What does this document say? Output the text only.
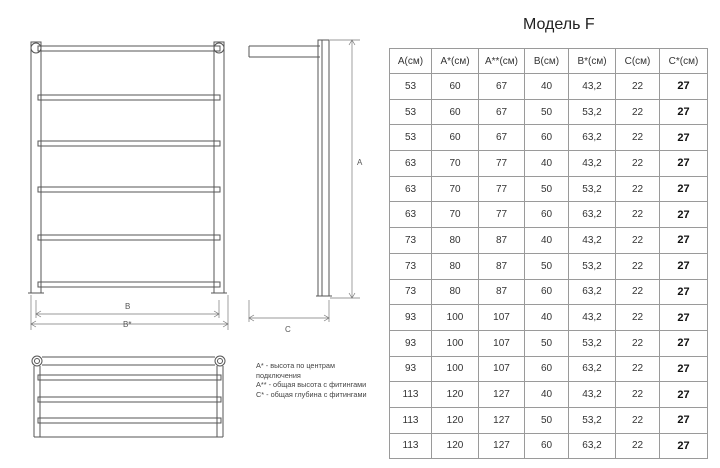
A
B
B*
C
A* - высота по центрам подключения
A** - общая высота с фитингами
C* - общая глубина с фитингами
Модель F
A(см)	A*(см)	A**(см)	B(см)	B*(см)	C(см)	C*(см)
53	60	67	40	43,2	22	27
53	60	67	50	53,2	22	27
53	60	67	60	63,2	22	27
63	70	77	40	43,2	22	27
63	70	77	50	53,2	22	27
63	70	77	60	63,2	22	27
73	80	87	40	43,2	22	27
73	80	87	50	53,2	22	27
73	80	87	60	63,2	22	27
93	100	107	40	43,2	22	27
93	100	107	50	53,2	22	27
93	100	107	60	63,2	22	27
113	120	127	40	43,2	22	27
113	120	127	50	53,2	22	27
113	120	127	60	63,2	22	27
